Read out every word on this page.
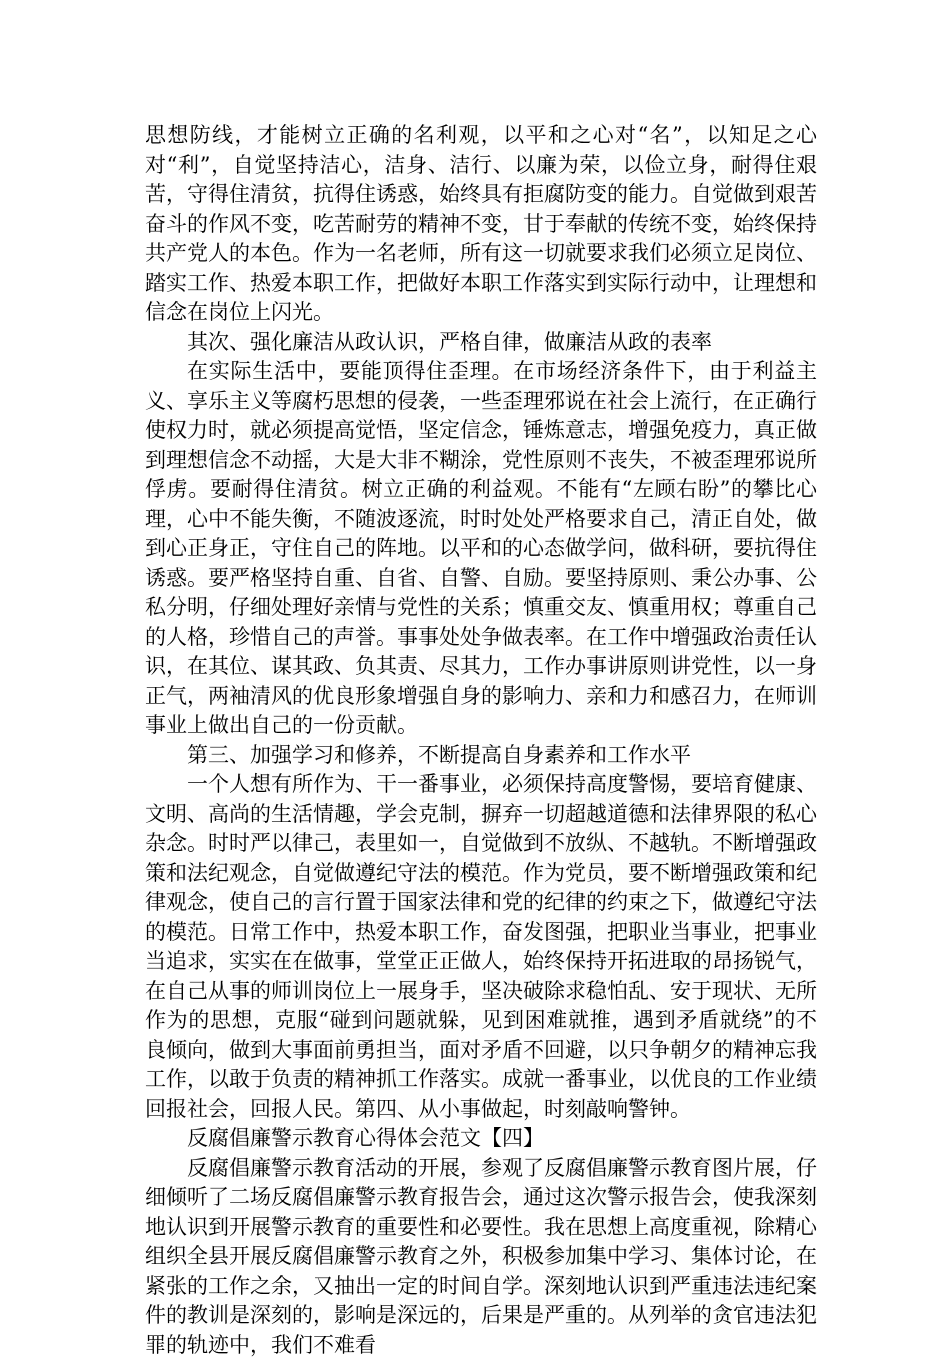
思想防线，才能树立正确的名利观，以平和之心对“名”，以知足之心对“利”，自觉坚持洁心，洁身、洁行、以廉为荣，以俭立身，耐得住艰苦，守得住清贫，抗得住诱惑，始终具有拒腐防变的能力。自觉做到艰苦奋斗的作风不变，吃苦耐劳的精神不变，甘于奉献的传统不变，始终保持共产党人的本色。作为一名老师，所有这一切就要求我们必须立足岗位、踏实工作、热爱本职工作，把做好本职工作落实到实际行动中，让理想和信念在岗位上闪光。

其次、强化廉洁从政认识，严格自律，做廉洁从政的表率

在实际生活中，要能顶得住歪理。在市场经济条件下，由于利益主义、享乐主义等腐朽思想的侵袭，一些歪理邪说在社会上流行，在正确行使权力时，就必须提高觉悟，坚定信念，锤炼意志，增强免疫力，真正做到理想信念不动摇，大是大非不糊涂，党性原则不丧失，不被歪理邪说所俘虏。要耐得住清贫。树立正确的利益观。不能有“左顾右盼”的攀比心理，心中不能失衡，不随波逐流，时时处处严格要求自己，清正自处，做到心正身正，守住自己的阵地。以平和的心态做学问，做科研，要抗得住诱惑。要严格坚持自重、自省、自警、自励。要坚持原则、秉公办事、公私分明，仔细处理好亲情与党性的关系；慎重交友、慎重用权；尊重自己的人格，珍惜自己的声誉。事事处处争做表率。在工作中增强政治责任认识，在其位、谋其政、负其责、尽其力，工作办事讲原则讲党性，以一身正气，两袖清风的优良形象增强自身的影响力、亲和力和感召力，在师训事业上做出自己的一份贡献。

第三、加强学习和修养，不断提高自身素养和工作水平

一个人想有所作为、干一番事业，必须保持高度警惕，要培育健康、文明、高尚的生活情趣，学会克制，摒弃一切超越道德和法律界限的私心杂念。时时严以律己，表里如一，自觉做到不放纵、不越轨。不断增强政策和法纪观念，自觉做遵纪守法的模范。作为党员，要不断增强政策和纪律观念，使自己的言行置于国家法律和党的纪律的约束之下，做遵纪守法的模范。日常工作中，热爱本职工作，奋发图强，把职业当事业，把事业当追求，实实在在做事，堂堂正正做人，始终保持开拓进取的昂扬锐气，在自己从事的师训岗位上一展身手，坚决破除求稳怕乱、安于现状、无所作为的思想，克服“碰到问题就躲，见到困难就推，遇到矛盾就绕”的不良倾向，做到大事面前勇担当，面对矛盾不回避，以只争朝夕的精神忘我工作，以敢于负责的精神抓工作落实。成就一番事业，以优良的工作业绩回报社会，回报人民。第四、从小事做起，时刻敲响警钟。

反腐倡廉警示教育心得体会范文【四】

反腐倡廉警示教育活动的开展，参观了反腐倡廉警示教育图片展，仔细倾听了二场反腐倡廉警示教育报告会，通过这次警示报告会，使我深刻地认识到开展警示教育的重要性和必要性。我在思想上高度重视，除精心组织全县开展反腐倡廉警示教育之外，积极参加集中学习、集体讨论，在紧张的工作之余，又抽出一定的时间自学。深刻地认识到严重违法违纪案件的教训是深刻的，影响是深远的，后果是严重的。从列举的贪官违法犯罪的轨迹中，我们不难看
